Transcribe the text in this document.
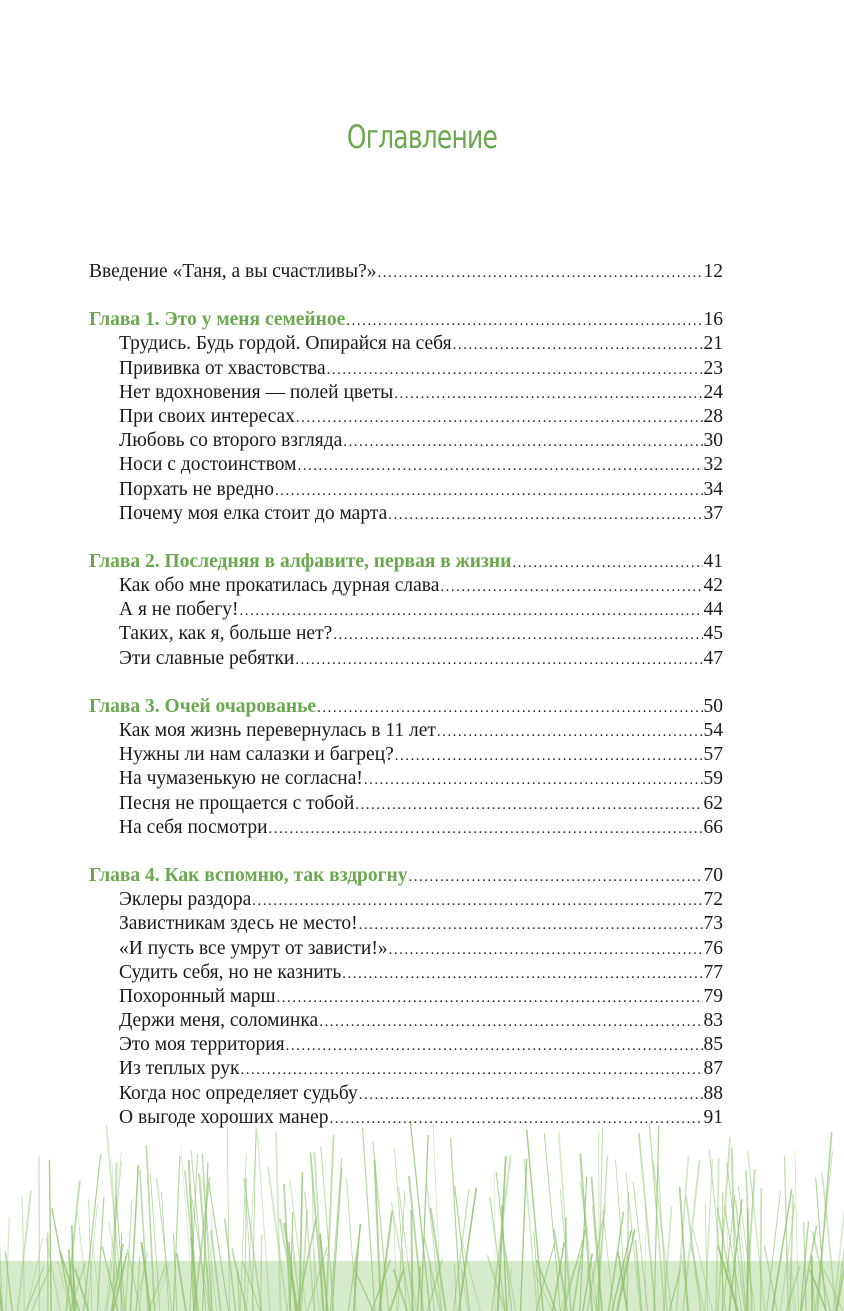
Оглавление
Введение «Таня, а вы счастливы?» .....	12
Глава 1. Это у меня семейное .....	16
Трудись. Будь гордой. Опирайся на себя .....	21
Прививка от хвастовства .....	23
Нет вдохновения — полей цветы .....	24
При своих интересах .....	28
Любовь со второго взгляда .....	30
Носи с достоинством .....	32
Порхать не вредно .....	34
Почему моя елка стоит до марта .....	37
Глава 2. Последняя в алфавите, первая в жизни .....	41
Как обо мне прокатилась дурная слава .....	42
А я не побегу! .....	44
Таких, как я, больше нет? .....	45
Эти славные ребятки .....	47
Глава 3. Очей очарованье .....	50
Как моя жизнь перевернулась в 11 лет .....	54
Нужны ли нам салазки и багрец? .....	57
На чумазенькую не согласна! .....	59
Песня не прощается с тобой .....	62
На себя посмотри .....	66
Глава 4. Как вспомню, так вздрогну .....	70
Эклеры раздора .....	72
Завистникам здесь не место! .....	73
«И пусть все умрут от зависти!» .....	76
Судить себя, но не казнить .....	77
Похоронный марш .....	79
Держи меня, соломинка .....	83
Это моя территория .....	85
Из теплых рук .....	87
Когда нос определяет судьбу .....	88
О выгоде хороших манер .....	91
